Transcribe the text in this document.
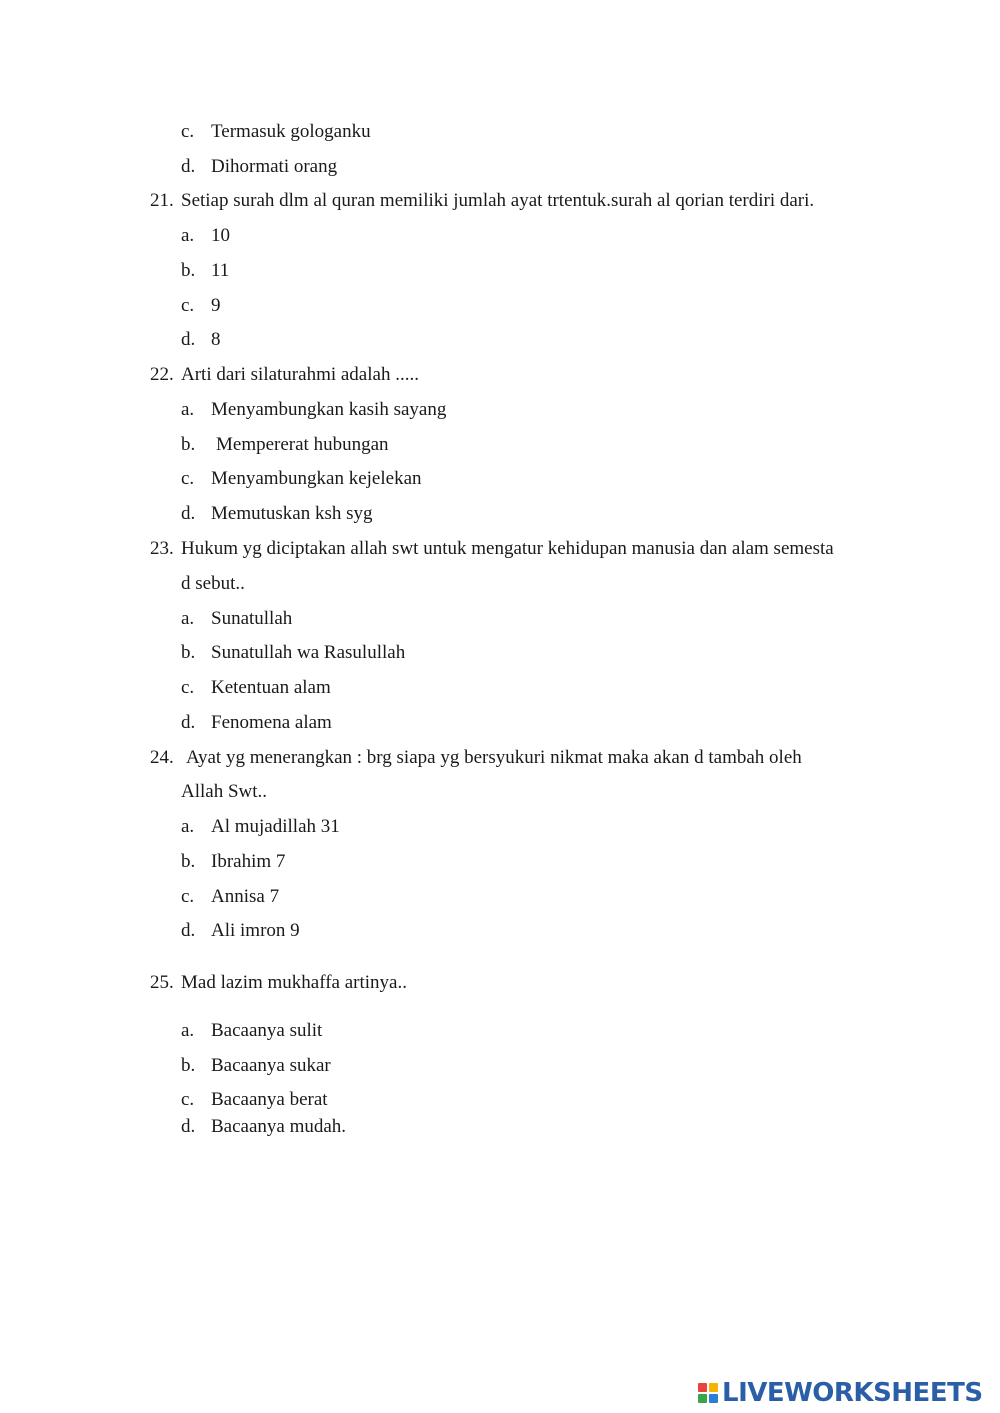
c. Termasuk gologanku
d. Dihormati orang
21. Setiap surah dlm al quran memiliki jumlah ayat trtentuk.surah al qorian terdiri dari.
a. 10
b. 11
c. 9
d. 8
22. Arti dari silaturahmi adalah .....
a. Menyambungkan kasih sayang
b. Mempererat hubungan
c. Menyambungkan kejelekan
d. Memutuskan ksh syg
23. Hukum yg diciptakan allah swt untuk mengatur kehidupan manusia dan alam semesta
d sebut..
a. Sunatullah
b. Sunatullah wa Rasulullah
c. Ketentuan alam
d. Fenomena alam
24. Ayat yg menerangkan : brg siapa yg bersyukuri nikmat maka akan d tambah oleh
Allah Swt..
a. Al mujadillah 31
b. Ibrahim 7
c. Annisa 7
d. Ali imron 9
25. Mad lazim mukhaffa artinya..
a. Bacaanya sulit
b. Bacaanya sukar
c. Bacaanya berat
d. Bacaanya mudah.
LIVEWORKSHEETS
